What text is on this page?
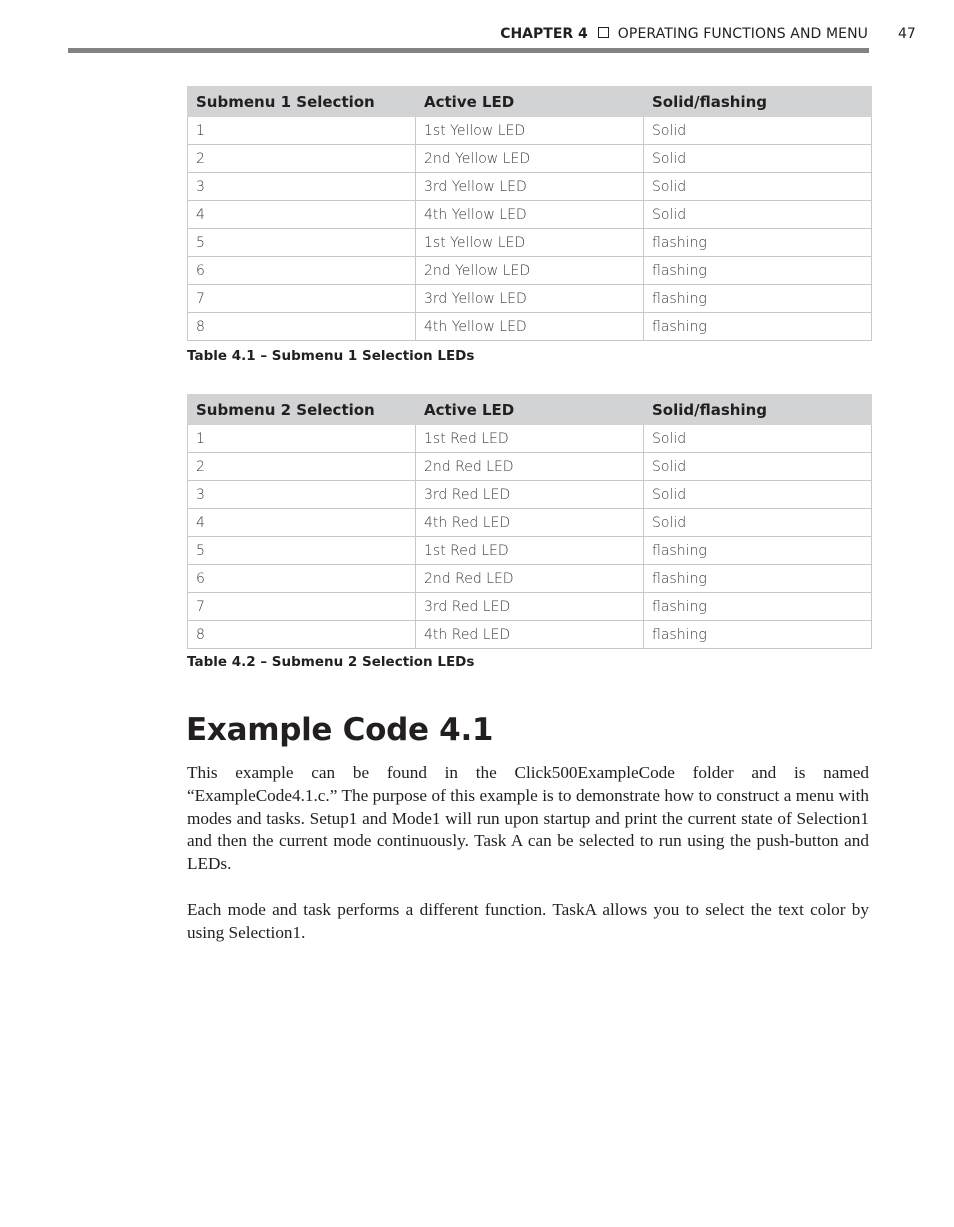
CHAPTER 4 OPERATING FUNCTIONS AND MENU 47
Submenu 1 Selection	Active LED	Solid/flashing
1	1st Yellow LED	Solid
2	2nd Yellow LED	Solid
3	3rd Yellow LED	Solid
4	4th Yellow LED	Solid
5	1st Yellow LED	flashing
6	2nd Yellow LED	flashing
7	3rd Yellow LED	flashing
8	4th Yellow LED	flashing
Table 4.1 – Submenu 1 Selection LEDs
Submenu 2 Selection	Active LED	Solid/flashing
1	1st Red LED	Solid
2	2nd Red LED	Solid
3	3rd Red LED	Solid
4	4th Red LED	Solid
5	1st Red LED	flashing
6	2nd Red LED	flashing
7	3rd Red LED	flashing
8	4th Red LED	flashing
Table 4.2 – Submenu 2 Selection LEDs
Example Code 4.1

This example can be found in the Click500ExampleCode folder and is named “ExampleCode4.1.c.” The purpose of this example is to demonstrate how to construct a menu with modes and tasks. Setup1 and Mode1 will run upon startup and print the current state of Selection1 and then the current mode continuously. Task A can be selected to run using the push-button and LEDs.

Each mode and task performs a different function. TaskA allows you to select the text color by using Selection1.
